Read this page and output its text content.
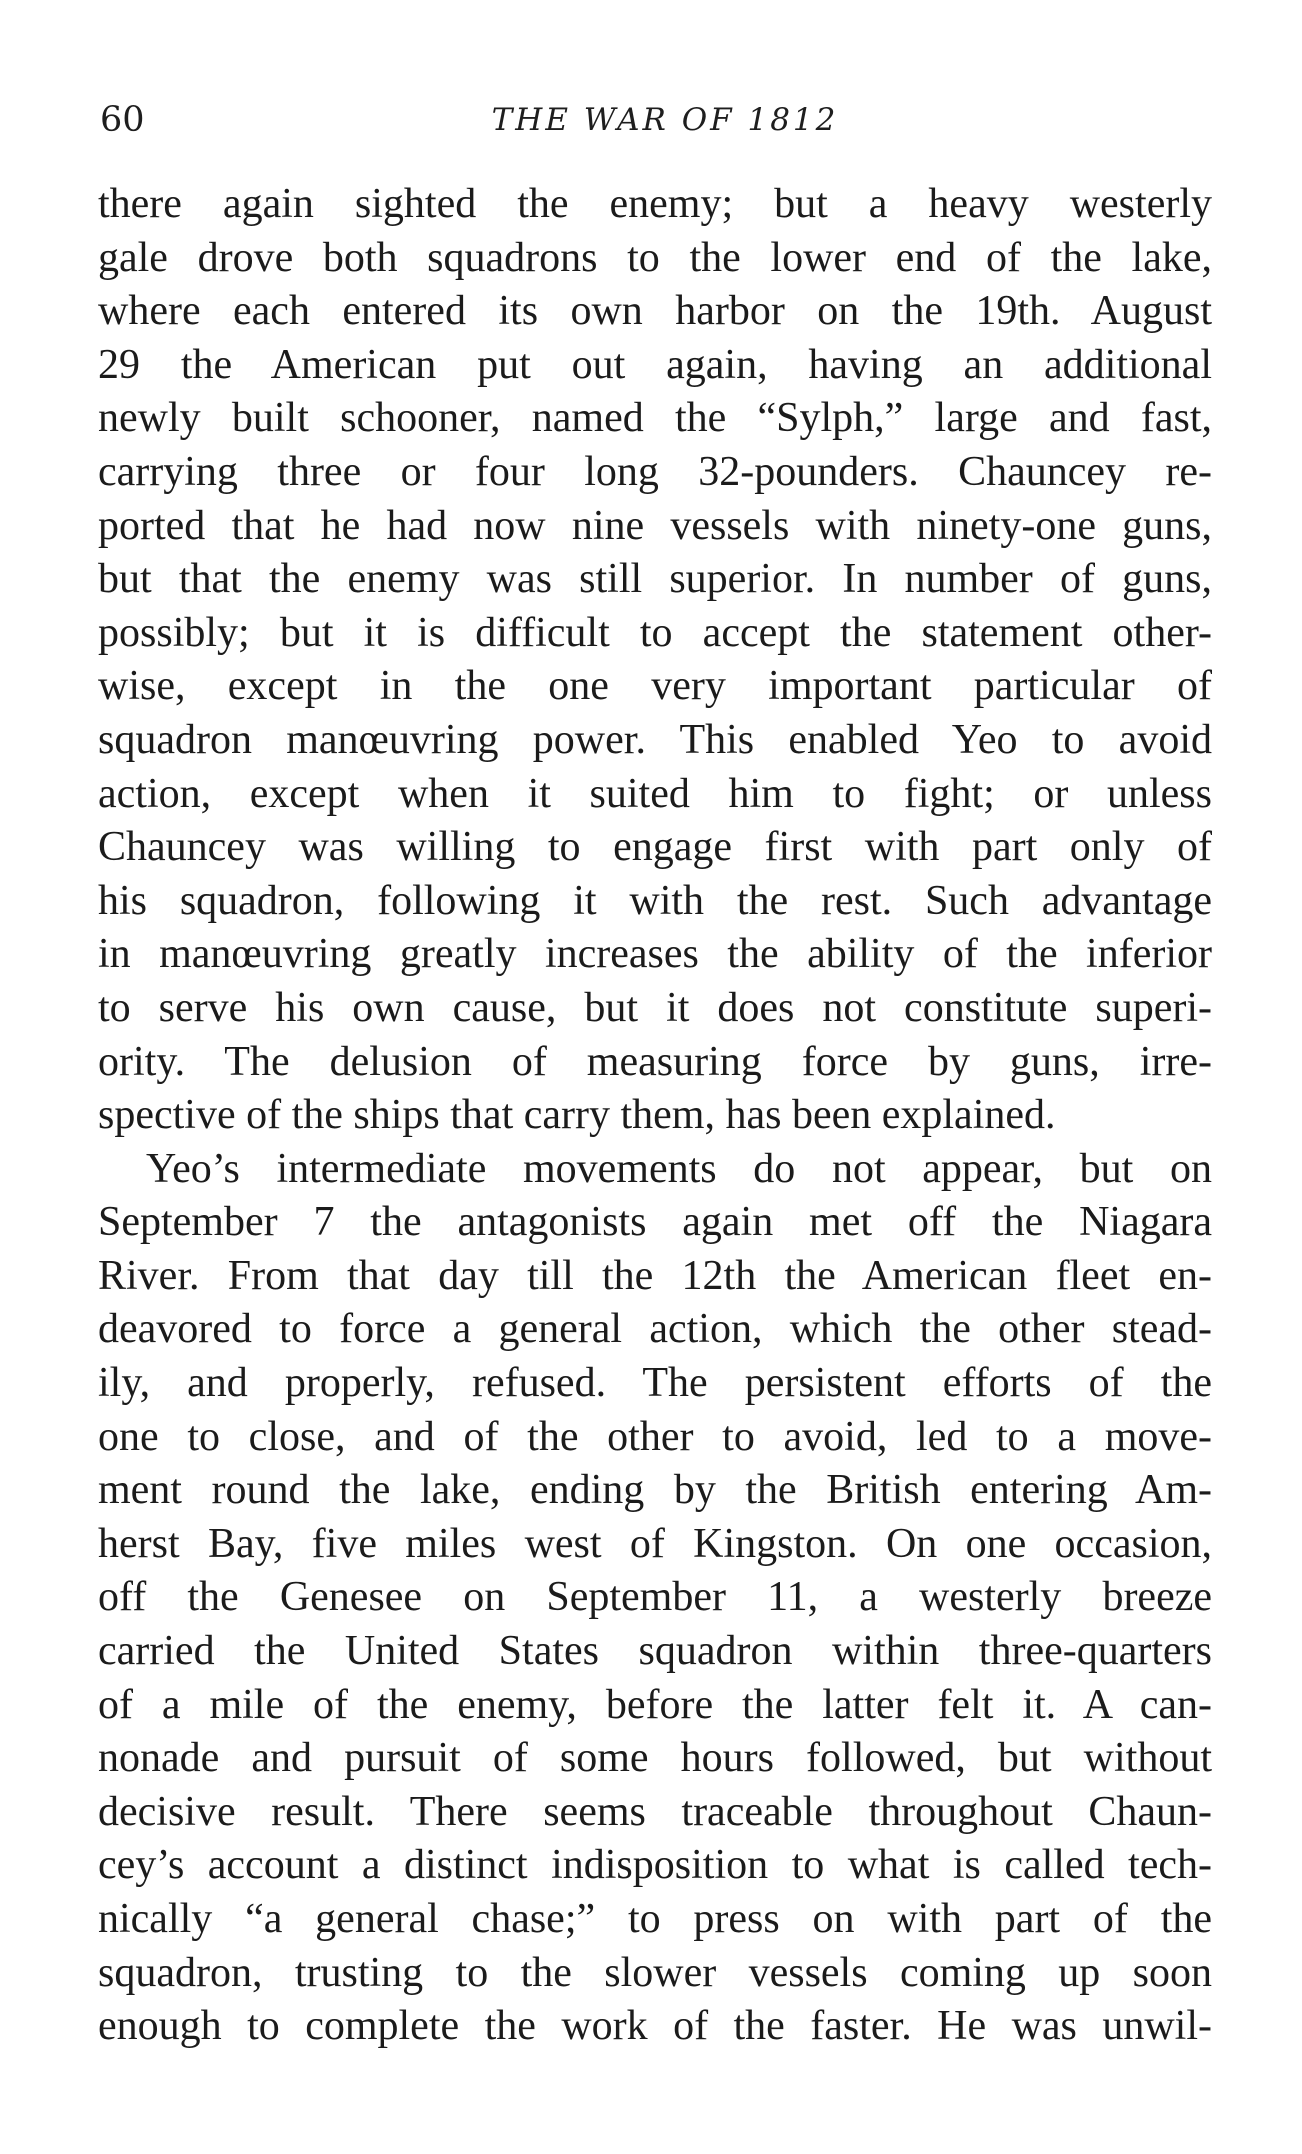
60	THE WAR OF 1812
there again sighted the enemy; but a heavy westerly
gale drove both squadrons to the lower end of the lake,
where each entered its own harbor on the 19th. August
29 the American put out again, having an additional
newly built schooner, named the “Sylph,” large and fast,
carrying three or four long 32-pounders. Chauncey re-
ported that he had now nine vessels with ninety-one guns,
but that the enemy was still superior. In number of guns,
possibly; but it is difficult to accept the statement other-
wise, except in the one very important particular of
squadron manœuvring power. This enabled Yeo to avoid
action, except when it suited him to fight; or unless
Chauncey was willing to engage first with part only of
his squadron, following it with the rest. Such advantage
in manœuvring greatly increases the ability of the inferior
to serve his own cause, but it does not constitute superi-
ority. The delusion of measuring force by guns, irre-
spective of the ships that carry them, has been explained.
Yeo’s intermediate movements do not appear, but on
September 7 the antagonists again met off the Niagara
River. From that day till the 12th the American fleet en-
deavored to force a general action, which the other stead-
ily, and properly, refused. The persistent efforts of the
one to close, and of the other to avoid, led to a move-
ment round the lake, ending by the British entering Am-
herst Bay, five miles west of Kingston. On one occasion,
off the Genesee on September 11, a westerly breeze
carried the United States squadron within three-quarters
of a mile of the enemy, before the latter felt it. A can-
nonade and pursuit of some hours followed, but without
decisive result. There seems traceable throughout Chaun-
cey’s account a distinct indisposition to what is called tech-
nically “a general chase;” to press on with part of the
squadron, trusting to the slower vessels coming up soon
enough to complete the work of the faster. He was unwil-
